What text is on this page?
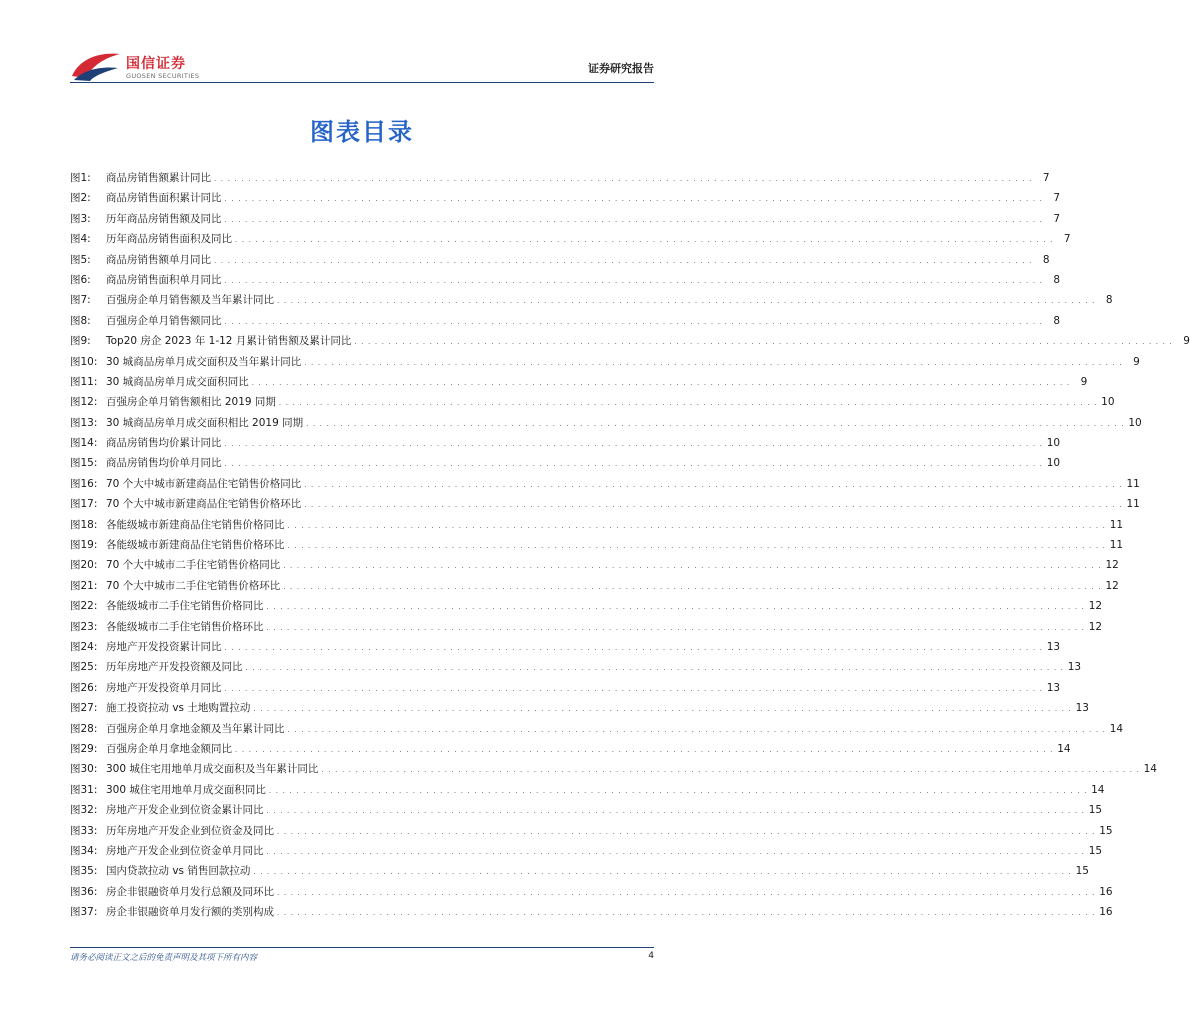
国信证券
GUOSEN SECURITIES
证券研究报告
图表目录
图1:	商品房销售额累计同比 . . . . . . . . . . . . . . . . . . . . . . . . . . . . . . . . . . . . . . . . . . . . . . . . . . . . . . . . . . . . . . . . . . . . . . . . . . . . . . . . . . . . . . . . . . . . . . . . . . . . . . . . . . . . . . . . . . . . . . . . 7
图2:	商品房销售面积累计同比 . . . . . . . . . . . . . . . . . . . . . . . . . . . . . . . . . . . . . . . . . . . . . . . . . . . . . . . . . . . . . . . . . . . . . . . . . . . . . . . . . . . . . . . . . . . . . . . . . . . . . . . . . . . . . . . . . . . . . . . . 7
图3:	历年商品房销售额及同比 . . . . . . . . . . . . . . . . . . . . . . . . . . . . . . . . . . . . . . . . . . . . . . . . . . . . . . . . . . . . . . . . . . . . . . . . . . . . . . . . . . . . . . . . . . . . . . . . . . . . . . . . . . . . . . . . . . . . . . . . 7
图4:	历年商品房销售面积及同比 . . . . . . . . . . . . . . . . . . . . . . . . . . . . . . . . . . . . . . . . . . . . . . . . . . . . . . . . . . . . . . . . . . . . . . . . . . . . . . . . . . . . . . . . . . . . . . . . . . . . . . . . . . . . . . . . . . . . . . . . 7
图5:	商品房销售额单月同比 . . . . . . . . . . . . . . . . . . . . . . . . . . . . . . . . . . . . . . . . . . . . . . . . . . . . . . . . . . . . . . . . . . . . . . . . . . . . . . . . . . . . . . . . . . . . . . . . . . . . . . . . . . . . . . . . . . . . . . . . 8
图6:	商品房销售面积单月同比 . . . . . . . . . . . . . . . . . . . . . . . . . . . . . . . . . . . . . . . . . . . . . . . . . . . . . . . . . . . . . . . . . . . . . . . . . . . . . . . . . . . . . . . . . . . . . . . . . . . . . . . . . . . . . . . . . . . . . . . . 8
图7:	百强房企单月销售额及当年累计同比 . . . . . . . . . . . . . . . . . . . . . . . . . . . . . . . . . . . . . . . . . . . . . . . . . . . . . . . . . . . . . . . . . . . . . . . . . . . . . . . . . . . . . . . . . . . . . . . . . . . . . . . . . . . . . . . . . . . . . . . . 8
图8:	百强房企单月销售额同比 . . . . . . . . . . . . . . . . . . . . . . . . . . . . . . . . . . . . . . . . . . . . . . . . . . . . . . . . . . . . . . . . . . . . . . . . . . . . . . . . . . . . . . . . . . . . . . . . . . . . . . . . . . . . . . . . . . . . . . . . 8
图9:	Top20 房企 2023 年 1-12 月累计销售额及累计同比 . . . . . . . . . . . . . . . . . . . . . . . . . . . . . . . . . . . . . . . . . . . . . . . . . . . . . . . . . . . . . . . . . . . . . . . . . . . . . . . . . . . . . . . . . . . . . . . . . . . . . . . . . . . . . . . . . . . . . . . . 9
图10: 30 城商品房单月成交面积及当年累计同比 . . . . . . . . . . . . . . . . . . . . . . . . . . . . . . . . . . . . . . . . . . . . . . . . . . . . . . . . . . . . . . . . . . . . . . . . . . . . . . . . . . . . . . . . . . . . . . . . . . . . . . . . . . . . . . . . . . . . . . . . 9
图11: 30 城商品房单月成交面积同比 . . . . . . . . . . . . . . . . . . . . . . . . . . . . . . . . . . . . . . . . . . . . . . . . . . . . . . . . . . . . . . . . . . . . . . . . . . . . . . . . . . . . . . . . . . . . . . . . . . . . . . . . . . . . . . . . . . . . . . . . 9
图12: 百强房企单月销售额相比 2019 同期 . . . . . . . . . . . . . . . . . . . . . . . . . . . . . . . . . . . . . . . . . . . . . . . . . . . . . . . . . . . . . . . . . . . . . . . . . . . . . . . . . . . . . . . . . . . . . . . . . . . . . . . . . . . . . . . . . . . . . . . . 10
图13: 30 城商品房单月成交面积相比 2019 同期 . . . . . . . . . . . . . . . . . . . . . . . . . . . . . . . . . . . . . . . . . . . . . . . . . . . . . . . . . . . . . . . . . . . . . . . . . . . . . . . . . . . . . . . . . . . . . . . . . . . . . . . . . . . . . . . . . . . . . . . . 10
图14: 商品房销售均价累计同比 . . . . . . . . . . . . . . . . . . . . . . . . . . . . . . . . . . . . . . . . . . . . . . . . . . . . . . . . . . . . . . . . . . . . . . . . . . . . . . . . . . . . . . . . . . . . . . . . . . . . . . . . . . . . . . . . . . . . . . . . 10
图15: 商品房销售均价单月同比 . . . . . . . . . . . . . . . . . . . . . . . . . . . . . . . . . . . . . . . . . . . . . . . . . . . . . . . . . . . . . . . . . . . . . . . . . . . . . . . . . . . . . . . . . . . . . . . . . . . . . . . . . . . . . . . . . . . . . . . . 10
图16: 70 个大中城市新建商品住宅销售价格同比 . . . . . . . . . . . . . . . . . . . . . . . . . . . . . . . . . . . . . . . . . . . . . . . . . . . . . . . . . . . . . . . . . . . . . . . . . . . . . . . . . . . . . . . . . . . . . . . . . . . . . . . . . . . . . . . . . . . . . . . . 11
图17: 70 个大中城市新建商品住宅销售价格环比 . . . . . . . . . . . . . . . . . . . . . . . . . . . . . . . . . . . . . . . . . . . . . . . . . . . . . . . . . . . . . . . . . . . . . . . . . . . . . . . . . . . . . . . . . . . . . . . . . . . . . . . . . . . . . . . . . . . . . . . . 11
图18: 各能级城市新建商品住宅销售价格同比 . . . . . . . . . . . . . . . . . . . . . . . . . . . . . . . . . . . . . . . . . . . . . . . . . . . . . . . . . . . . . . . . . . . . . . . . . . . . . . . . . . . . . . . . . . . . . . . . . . . . . . . . . . . . . . . . . . . . . . . . 11
图19: 各能级城市新建商品住宅销售价格环比 . . . . . . . . . . . . . . . . . . . . . . . . . . . . . . . . . . . . . . . . . . . . . . . . . . . . . . . . . . . . . . . . . . . . . . . . . . . . . . . . . . . . . . . . . . . . . . . . . . . . . . . . . . . . . . . . . . . . . . . . 11
图20: 70 个大中城市二手住宅销售价格同比 . . . . . . . . . . . . . . . . . . . . . . . . . . . . . . . . . . . . . . . . . . . . . . . . . . . . . . . . . . . . . . . . . . . . . . . . . . . . . . . . . . . . . . . . . . . . . . . . . . . . . . . . . . . . . . . . . . . . . . . . 12
图21: 70 个大中城市二手住宅销售价格环比 . . . . . . . . . . . . . . . . . . . . . . . . . . . . . . . . . . . . . . . . . . . . . . . . . . . . . . . . . . . . . . . . . . . . . . . . . . . . . . . . . . . . . . . . . . . . . . . . . . . . . . . . . . . . . . . . . . . . . . . . 12
图22: 各能级城市二手住宅销售价格同比 . . . . . . . . . . . . . . . . . . . . . . . . . . . . . . . . . . . . . . . . . . . . . . . . . . . . . . . . . . . . . . . . . . . . . . . . . . . . . . . . . . . . . . . . . . . . . . . . . . . . . . . . . . . . . . . . . . . . . . . . 12
图23: 各能级城市二手住宅销售价格环比 . . . . . . . . . . . . . . . . . . . . . . . . . . . . . . . . . . . . . . . . . . . . . . . . . . . . . . . . . . . . . . . . . . . . . . . . . . . . . . . . . . . . . . . . . . . . . . . . . . . . . . . . . . . . . . . . . . . . . . . . 12
图24: 房地产开发投资累计同比 . . . . . . . . . . . . . . . . . . . . . . . . . . . . . . . . . . . . . . . . . . . . . . . . . . . . . . . . . . . . . . . . . . . . . . . . . . . . . . . . . . . . . . . . . . . . . . . . . . . . . . . . . . . . . . . . . . . . . . . . 13
图25: 历年房地产开发投资额及同比 . . . . . . . . . . . . . . . . . . . . . . . . . . . . . . . . . . . . . . . . . . . . . . . . . . . . . . . . . . . . . . . . . . . . . . . . . . . . . . . . . . . . . . . . . . . . . . . . . . . . . . . . . . . . . . . . . . . . . . . . 13
图26: 房地产开发投资单月同比 . . . . . . . . . . . . . . . . . . . . . . . . . . . . . . . . . . . . . . . . . . . . . . . . . . . . . . . . . . . . . . . . . . . . . . . . . . . . . . . . . . . . . . . . . . . . . . . . . . . . . . . . . . . . . . . . . . . . . . . . 13
图27: 施工投资拉动 vs 土地购置拉动 . . . . . . . . . . . . . . . . . . . . . . . . . . . . . . . . . . . . . . . . . . . . . . . . . . . . . . . . . . . . . . . . . . . . . . . . . . . . . . . . . . . . . . . . . . . . . . . . . . . . . . . . . . . . . . . . . . . . . . . . 13
图28: 百强房企单月拿地金额及当年累计同比 . . . . . . . . . . . . . . . . . . . . . . . . . . . . . . . . . . . . . . . . . . . . . . . . . . . . . . . . . . . . . . . . . . . . . . . . . . . . . . . . . . . . . . . . . . . . . . . . . . . . . . . . . . . . . . . . . . . . . . . . 14
图29: 百强房企单月拿地金额同比 . . . . . . . . . . . . . . . . . . . . . . . . . . . . . . . . . . . . . . . . . . . . . . . . . . . . . . . . . . . . . . . . . . . . . . . . . . . . . . . . . . . . . . . . . . . . . . . . . . . . . . . . . . . . . . . . . . . . . . . . 14
图30: 300 城住宅用地单月成交面积及当年累计同比 . . . . . . . . . . . . . . . . . . . . . . . . . . . . . . . . . . . . . . . . . . . . . . . . . . . . . . . . . . . . . . . . . . . . . . . . . . . . . . . . . . . . . . . . . . . . . . . . . . . . . . . . . . . . . . . . . . . . . . . . 14
图31: 300 城住宅用地单月成交面积同比 . . . . . . . . . . . . . . . . . . . . . . . . . . . . . . . . . . . . . . . . . . . . . . . . . . . . . . . . . . . . . . . . . . . . . . . . . . . . . . . . . . . . . . . . . . . . . . . . . . . . . . . . . . . . . . . . . . . . . . . . 14
图32: 房地产开发企业到位资金累计同比 . . . . . . . . . . . . . . . . . . . . . . . . . . . . . . . . . . . . . . . . . . . . . . . . . . . . . . . . . . . . . . . . . . . . . . . . . . . . . . . . . . . . . . . . . . . . . . . . . . . . . . . . . . . . . . . . . . . . . . . . 15
图33: 历年房地产开发企业到位资金及同比 . . . . . . . . . . . . . . . . . . . . . . . . . . . . . . . . . . . . . . . . . . . . . . . . . . . . . . . . . . . . . . . . . . . . . . . . . . . . . . . . . . . . . . . . . . . . . . . . . . . . . . . . . . . . . . . . . . . . . . . . 15
图34: 房地产开发企业到位资金单月同比 . . . . . . . . . . . . . . . . . . . . . . . . . . . . . . . . . . . . . . . . . . . . . . . . . . . . . . . . . . . . . . . . . . . . . . . . . . . . . . . . . . . . . . . . . . . . . . . . . . . . . . . . . . . . . . . . . . . . . . . . 15
图35: 国内贷款拉动 vs 销售回款拉动 . . . . . . . . . . . . . . . . . . . . . . . . . . . . . . . . . . . . . . . . . . . . . . . . . . . . . . . . . . . . . . . . . . . . . . . . . . . . . . . . . . . . . . . . . . . . . . . . . . . . . . . . . . . . . . . . . . . . . . . . 15
图36: 房企非银融资单月发行总额及同环比 . . . . . . . . . . . . . . . . . . . . . . . . . . . . . . . . . . . . . . . . . . . . . . . . . . . . . . . . . . . . . . . . . . . . . . . . . . . . . . . . . . . . . . . . . . . . . . . . . . . . . . . . . . . . . . . . . . . . . . . . 16
图37: 房企非银融资单月发行额的类别构成 . . . . . . . . . . . . . . . . . . . . . . . . . . . . . . . . . . . . . . . . . . . . . . . . . . . . . . . . . . . . . . . . . . . . . . . . . . . . . . . . . . . . . . . . . . . . . . . . . . . . . . . . . . . . . . . . . . . . . . . . 16
请务必阅读正文之后的免责声明及其项下所有内容	4
